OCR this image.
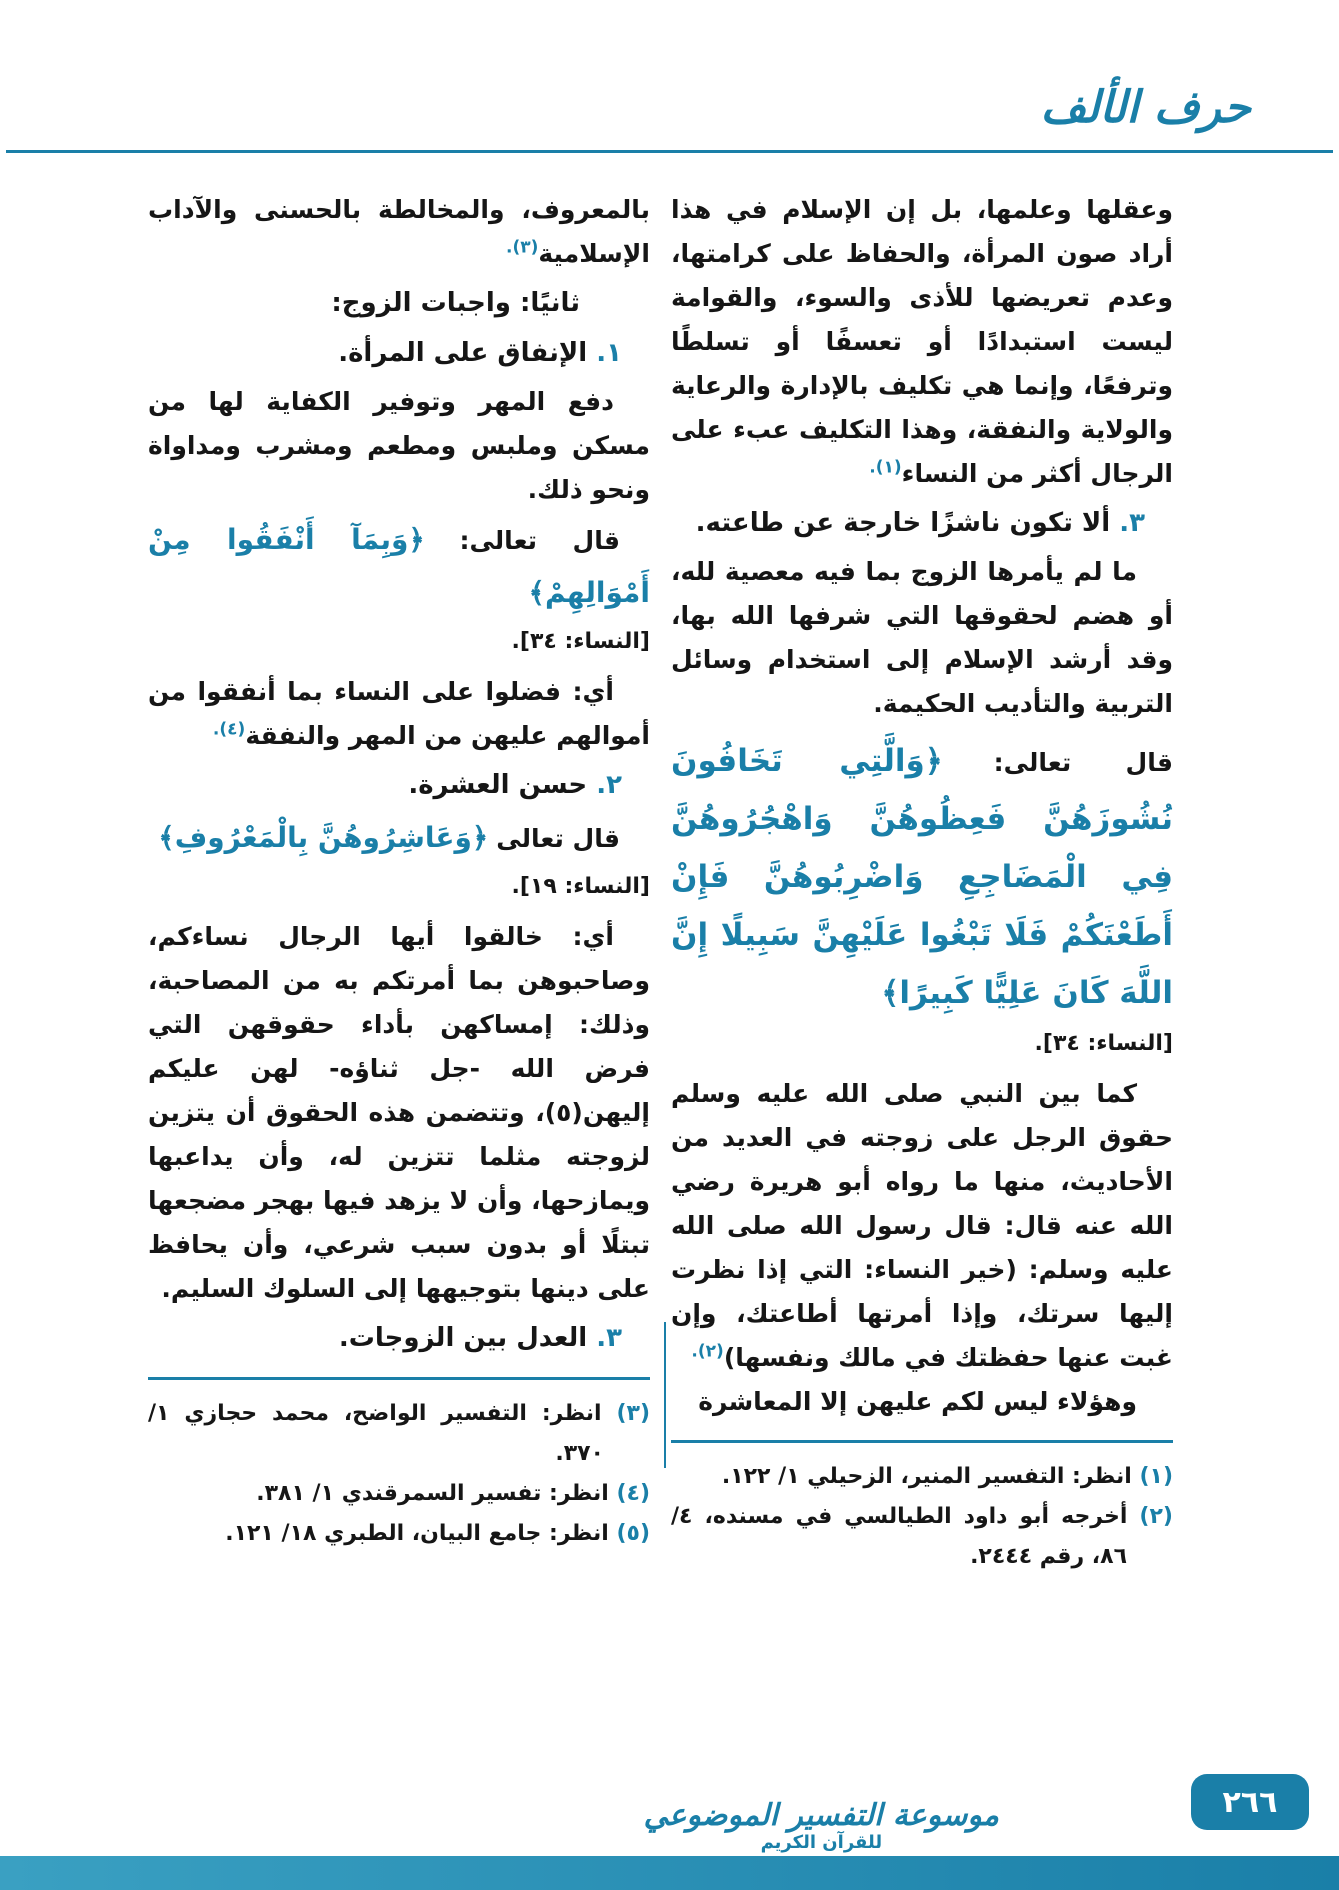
حرف الألف

وعقلها وعلمها، بل إن الإسلام في هذا أراد صون المرأة، والحفاظ على كرامتها، وعدم تعريضها للأذى والسوء، والقوامة ليست استبدادًا أو تعسفًا أو تسلطًا وترفعًا، وإنما هي تكليف بالإدارة والرعاية والولاية والنفقة، وهذا التكليف عبء على الرجال أكثر من النساء$^{(١).}$

٣. ألا تكون ناشزًا خارجة عن طاعته.

ما لم يأمرها الزوج بما فيه معصية لله، أو هضم لحقوقها التي شرفها الله بها، وقد أرشد الإسلام إلى استخدام وسائل التربية والتأديب الحكيمة.

قال تعالى: ﴿وَالَّتِي تَخَافُونَ نُشُوزَهُنَّ فَعِظُوهُنَّ وَاهْجُرُوهُنَّ فِي الْمَضَاجِعِ وَاضْرِبُوهُنَّ فَإِنْ أَطَعْنَكُمْ فَلَا تَبْغُوا عَلَيْهِنَّ سَبِيلًا إِنَّ اللَّهَ كَانَ عَلِيًّا كَبِيرًا﴾

[النساء: ٣٤].

كما بين النبي صلى الله عليه وسلم حقوق الرجل على زوجته في العديد من الأحاديث، منها ما رواه أبو هريرة رضي الله عنه قال: قال رسول الله صلى الله عليه وسلم: (خير النساء: التي إذا نظرت إليها سرتك، وإذا أمرتها أطاعتك، وإن غبت عنها حفظتك في مالك ونفسها)$^{(٢).}$

وهؤلاء ليس لكم عليهن إلا المعاشرة

(١) انظر: التفسير المنير، الزحيلي ١/ ١٢٢.

(٢) أخرجه أبو داود الطيالسي في مسنده، ٤/ ٨٦، رقم ٢٤٤٤.

بالمعروف، والمخالطة بالحسنى والآداب الإسلامية$^{(٣).}$

ثانيًا: واجبات الزوج:

١. الإنفاق على المرأة.

دفع المهر وتوفير الكفاية لها من مسكن وملبس ومطعم ومشرب ومداواة ونحو ذلك.

قال تعالى: ﴿وَبِمَآ أَنْفَقُوا مِنْ أَمْوَالِهِمْ﴾

[النساء: ٣٤].

أي: فضلوا على النساء بما أنفقوا من أموالهم عليهن من المهر والنفقة$^{(٤).}$

٢. حسن العشرة.

قال تعالى ﴿وَعَاشِرُوهُنَّ بِالْمَعْرُوفِ﴾

[النساء: ١٩].

أي: خالقوا أيها الرجال نساءكم، وصاحبوهن بما أمرتكم به من المصاحبة، وذلك: إمساكهن بأداء حقوقهن التي فرض الله -جل ثناؤه- لهن عليكم إليهن(٥)، وتتضمن هذه الحقوق أن يتزين لزوجته مثلما تتزين له، وأن يداعبها ويمازحها، وأن لا يزهد فيها بهجر مضجعها تبتلًا أو بدون سبب شرعي، وأن يحافظ على دينها بتوجيهها إلى السلوك السليم.

٣. العدل بين الزوجات.

(٣) انظر: التفسير الواضح، محمد حجازي ١/ ٣٧٠.

(٤) انظر: تفسير السمرقندي ١/ ٣٨١.

(٥) انظر: جامع البيان، الطبري ١٨/ ١٢١.

موسوعة التفسير الموضوعي
للقرآن الكريم
٢٦٦
